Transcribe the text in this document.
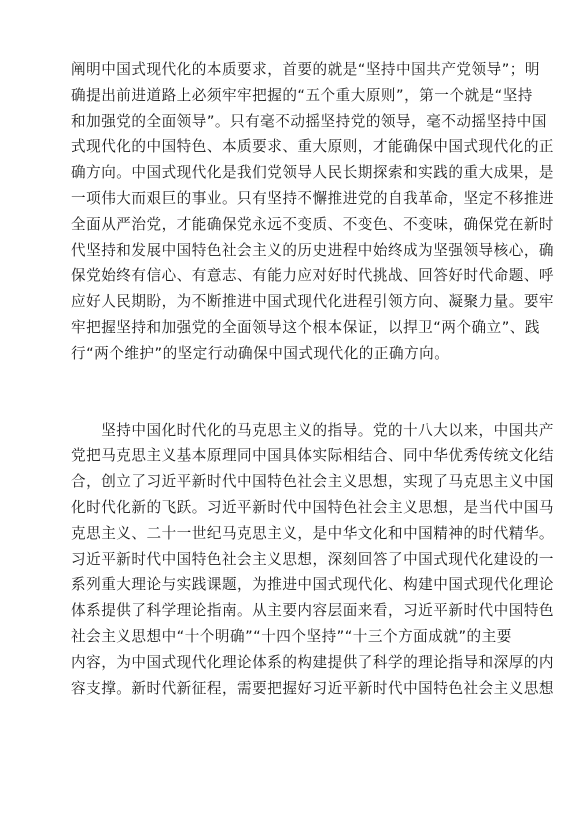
阐明中国式现代化的本质要求，首要的就是“坚持中国共产党领导”；明
确提出前进道路上必须牢牢把握的“五个重大原则”，第一个就是“坚持
和加强党的全面领导”。只有毫不动摇坚持党的领导，毫不动摇坚持中国
式现代化的中国特色、本质要求、重大原则，才能确保中国式现代化的正
确方向。中国式现代化是我们党领导人民长期探索和实践的重大成果，是
一项伟大而艰巨的事业。只有坚持不懈推进党的自我革命，坚定不移推进
全面从严治党，才能确保党永远不变质、不变色、不变味，确保党在新时
代坚持和发展中国特色社会主义的历史进程中始终成为坚强领导核心，确
保党始终有信心、有意志、有能力应对好时代挑战、回答好时代命题、呼
应好人民期盼，为不断推进中国式现代化进程引领方向、凝聚力量。要牢
牢把握坚持和加强党的全面领导这个根本保证，以捍卫“两个确立”、践
行“两个维护”的坚定行动确保中国式现代化的正确方向。
　　坚持中国化时代化的马克思主义的指导。党的十八大以来，中国共产
党把马克思主义基本原理同中国具体实际相结合、同中华优秀传统文化结
合，创立了习近平新时代中国特色社会主义思想，实现了马克思主义中国
化时代化新的飞跃。习近平新时代中国特色社会主义思想，是当代中国马
克思主义、二十一世纪马克思主义，是中华文化和中国精神的时代精华。
习近平新时代中国特色社会主义思想，深刻回答了中国式现代化建设的一
系列重大理论与实践课题，为推进中国式现代化、构建中国式现代化理论
体系提供了科学理论指南。从主要内容层面来看，习近平新时代中国特色
社会主义思想中“十个明确”“十四个坚持”“十三个方面成就”的主要
内容，为中国式现代化理论体系的构建提供了科学的理论指导和深厚的内
容支撑。新时代新征程，需要把握好习近平新时代中国特色社会主义思想
